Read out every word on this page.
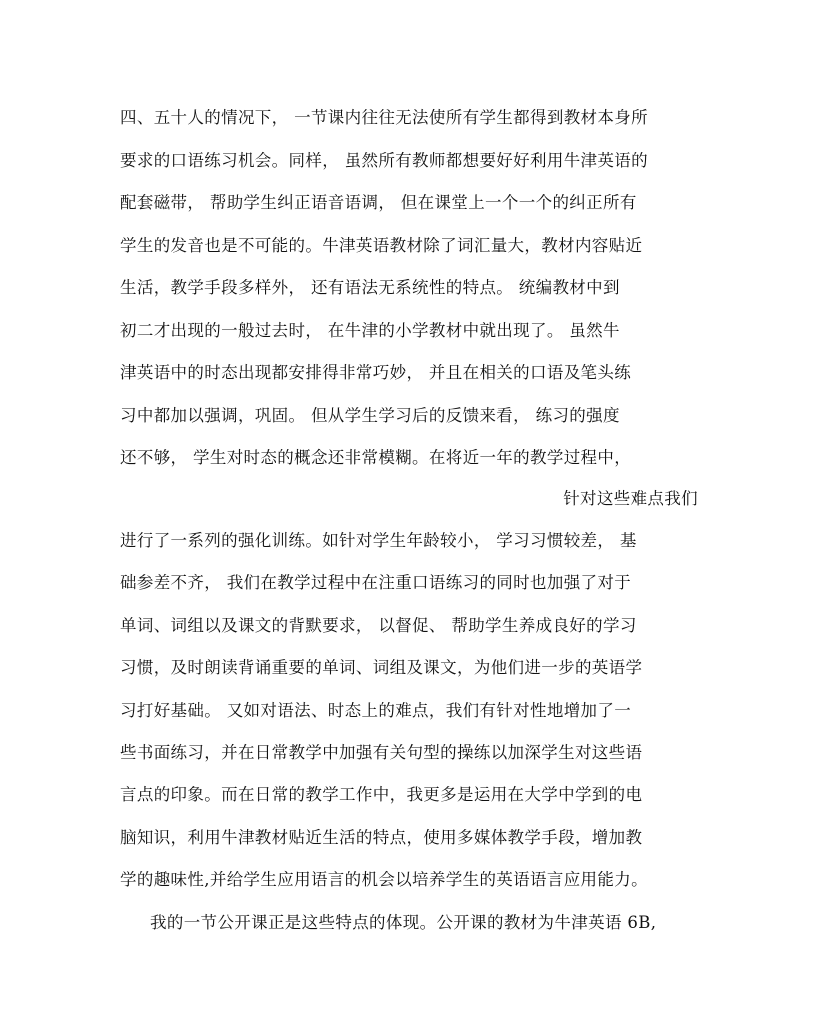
四、五十人的情况下， 一节课内往往无法使所有学生都得到教材本身所
要求的口语练习机会。同样， 虽然所有教师都想要好好利用牛津英语的
配套磁带， 帮助学生纠正语音语调， 但在课堂上一个一个的纠正所有
学生的发音也是不可能的。牛津英语教材除了词汇量大，教材内容贴近
生活，教学手段多样外， 还有语法无系统性的特点。 统编教材中到
初二才出现的一般过去时， 在牛津的小学教材中就出现了。 虽然牛
津英语中的时态出现都安排得非常巧妙， 并且在相关的口语及笔头练
习中都加以强调，巩固。 但从学生学习后的反馈来看， 练习的强度
还不够， 学生对时态的概念还非常模糊。在将近一年的教学过程中，
针对这些难点我们
进行了一系列的强化训练。如针对学生年龄较小， 学习习惯较差， 基
础参差不齐， 我们在教学过程中在注重口语练习的同时也加强了对于
单词、词组以及课文的背默要求， 以督促、 帮助学生养成良好的学习
习惯，及时朗读背诵重要的单词、词组及课文，为他们进一步的英语学
习打好基础。 又如对语法、时态上的难点，我们有针对性地增加了一
些书面练习，并在日常教学中加强有关句型的操练以加深学生对这些语
言点的印象。而在日常的教学工作中，我更多是运用在大学中学到的电
脑知识，利用牛津教材贴近生活的特点，使用多媒体教学手段，增加教
学的趣味性,并给学生应用语言的机会以培养学生的英语语言应用能力。
我的一节公开课正是这些特点的体现。公开课的教材为牛津英语 6B,
